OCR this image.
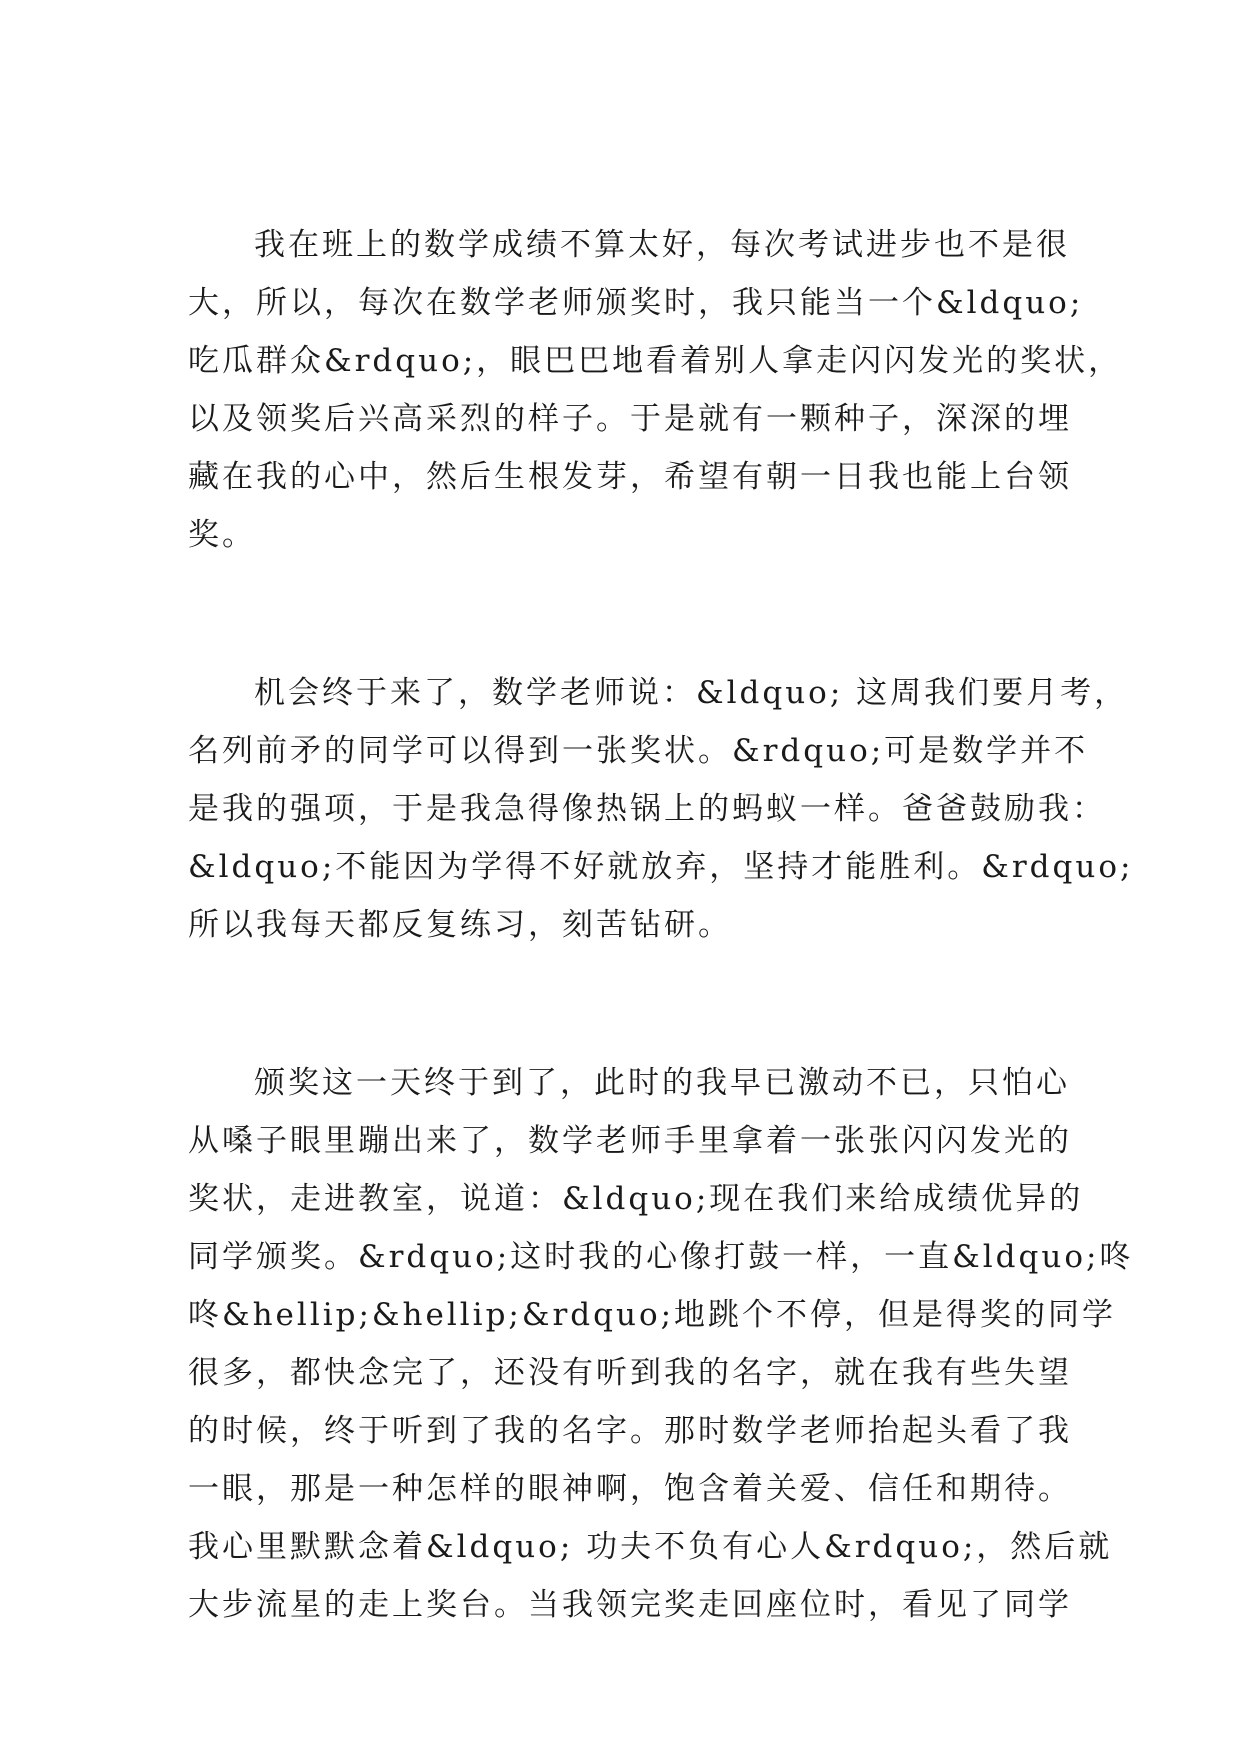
我在班上的数学成绩不算太好，每次考试进步也不是很
大，所以，每次在数学老师颁奖时，我只能当一个&ldquo;
吃瓜群众&rdquo;，眼巴巴地看着别人拿走闪闪发光的奖状，
以及领奖后兴高采烈的样子。于是就有一颗种子，深深的埋
藏在我的心中，然后生根发芽，希望有朝一日我也能上台领
奖。
机会终于来了，数学老师说：&ldquo; 这周我们要月考，
名列前矛的同学可以得到一张奖状。&rdquo;可是数学并不
是我的强项，于是我急得像热锅上的蚂蚁一样。爸爸鼓励我：
&ldquo;不能因为学得不好就放弃，坚持才能胜利。&rdquo;
所以我每天都反复练习，刻苦钻研。
颁奖这一天终于到了，此时的我早已激动不已，只怕心
从嗓子眼里蹦出来了，数学老师手里拿着一张张闪闪发光的
奖状，走进教室，说道：&ldquo;现在我们来给成绩优异的
同学颁奖。&rdquo;这时我的心像打鼓一样，一直&ldquo;咚
咚&hellip;&hellip;&rdquo;地跳个不停，但是得奖的同学
很多，都快念完了，还没有听到我的名字，就在我有些失望
的时候，终于听到了我的名字。那时数学老师抬起头看了我
一眼，那是一种怎样的眼神啊，饱含着关爱、信任和期待。
我心里默默念着&ldquo; 功夫不负有心人&rdquo;，然后就
大步流星的走上奖台。当我领完奖走回座位时，看见了同学
